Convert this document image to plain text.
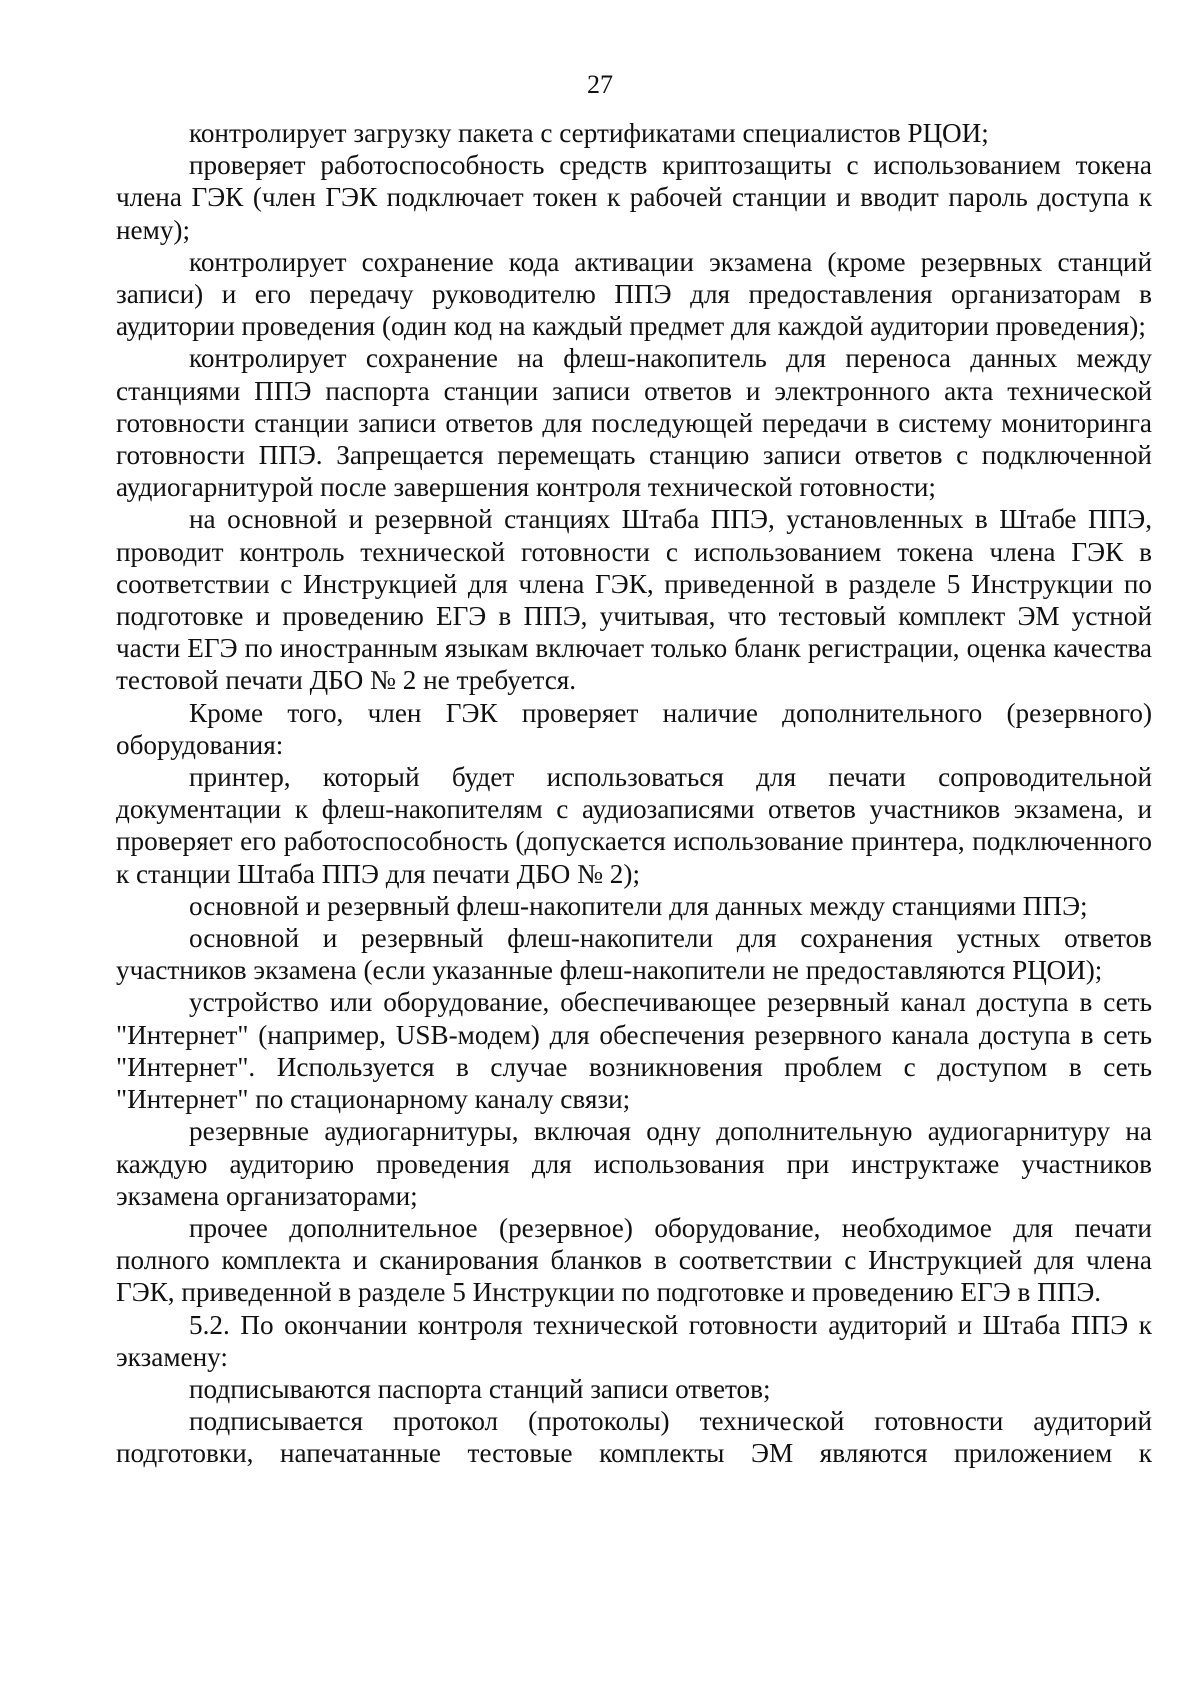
27

контролирует загрузку пакета с сертификатами специалистов РЦОИ;

проверяет работоспособность средств криптозащиты с использованием токена члена ГЭК (член ГЭК подключает токен к рабочей станции и вводит пароль доступа к нему);

контролирует сохранение кода активации экзамена (кроме резервных станций записи) и его передачу руководителю ППЭ для предоставления организаторам в аудитории проведения (один код на каждый предмет для каждой аудитории проведения);

контролирует сохранение на флеш-накопитель для переноса данных между станциями ППЭ паспорта станции записи ответов и электронного акта технической готовности станции записи ответов для последующей передачи в систему мониторинга готовности ППЭ. Запрещается перемещать станцию записи ответов с подключенной аудиогарнитурой после завершения контроля технической готовности;

на основной и резервной станциях Штаба ППЭ, установленных в Штабе ППЭ, проводит контроль технической готовности с использованием токена члена ГЭК в соответствии с Инструкцией для члена ГЭК, приведенной в разделе 5 Инструкции по подготовке и проведению ЕГЭ в ППЭ, учитывая, что тестовый комплект ЭМ устной части ЕГЭ по иностранным языкам включает только бланк регистрации, оценка качества тестовой печати ДБО № 2 не требуется.

Кроме того, член ГЭК проверяет наличие дополнительного (резервного) оборудования:

принтер, который будет использоваться для печати сопроводительной документации к флеш-накопителям с аудиозаписями ответов участников экзамена, и проверяет его работоспособность (допускается использование принтера, подключенного к станции Штаба ППЭ для печати ДБО № 2);

основной и резервный флеш-накопители для данных между станциями ППЭ;

основной и резервный флеш-накопители для сохранения устных ответов участников экзамена (если указанные флеш-накопители не предоставляются РЦОИ);

устройство или оборудование, обеспечивающее резервный канал доступа в сеть "Интернет" (например, USB-модем) для обеспечения резервного канала доступа в сеть "Интернет". Используется в случае возникновения проблем с доступом в сеть "Интернет" по стационарному каналу связи;

резервные аудиогарнитуры, включая одну дополнительную аудиогарнитуру на каждую аудиторию проведения для использования при инструктаже участников экзамена организаторами;

прочее дополнительное (резервное) оборудование, необходимое для печати полного комплекта и сканирования бланков в соответствии с Инструкцией для члена ГЭК, приведенной в разделе 5 Инструкции по подготовке и проведению ЕГЭ в ППЭ.

5.2. По окончании контроля технической готовности аудиторий и Штаба ППЭ к экзамену:

подписываются паспорта станций записи ответов;

подписывается протокол (протоколы) технической готовности аудиторий подготовки, напечатанные тестовые комплекты ЭМ являются приложением к
